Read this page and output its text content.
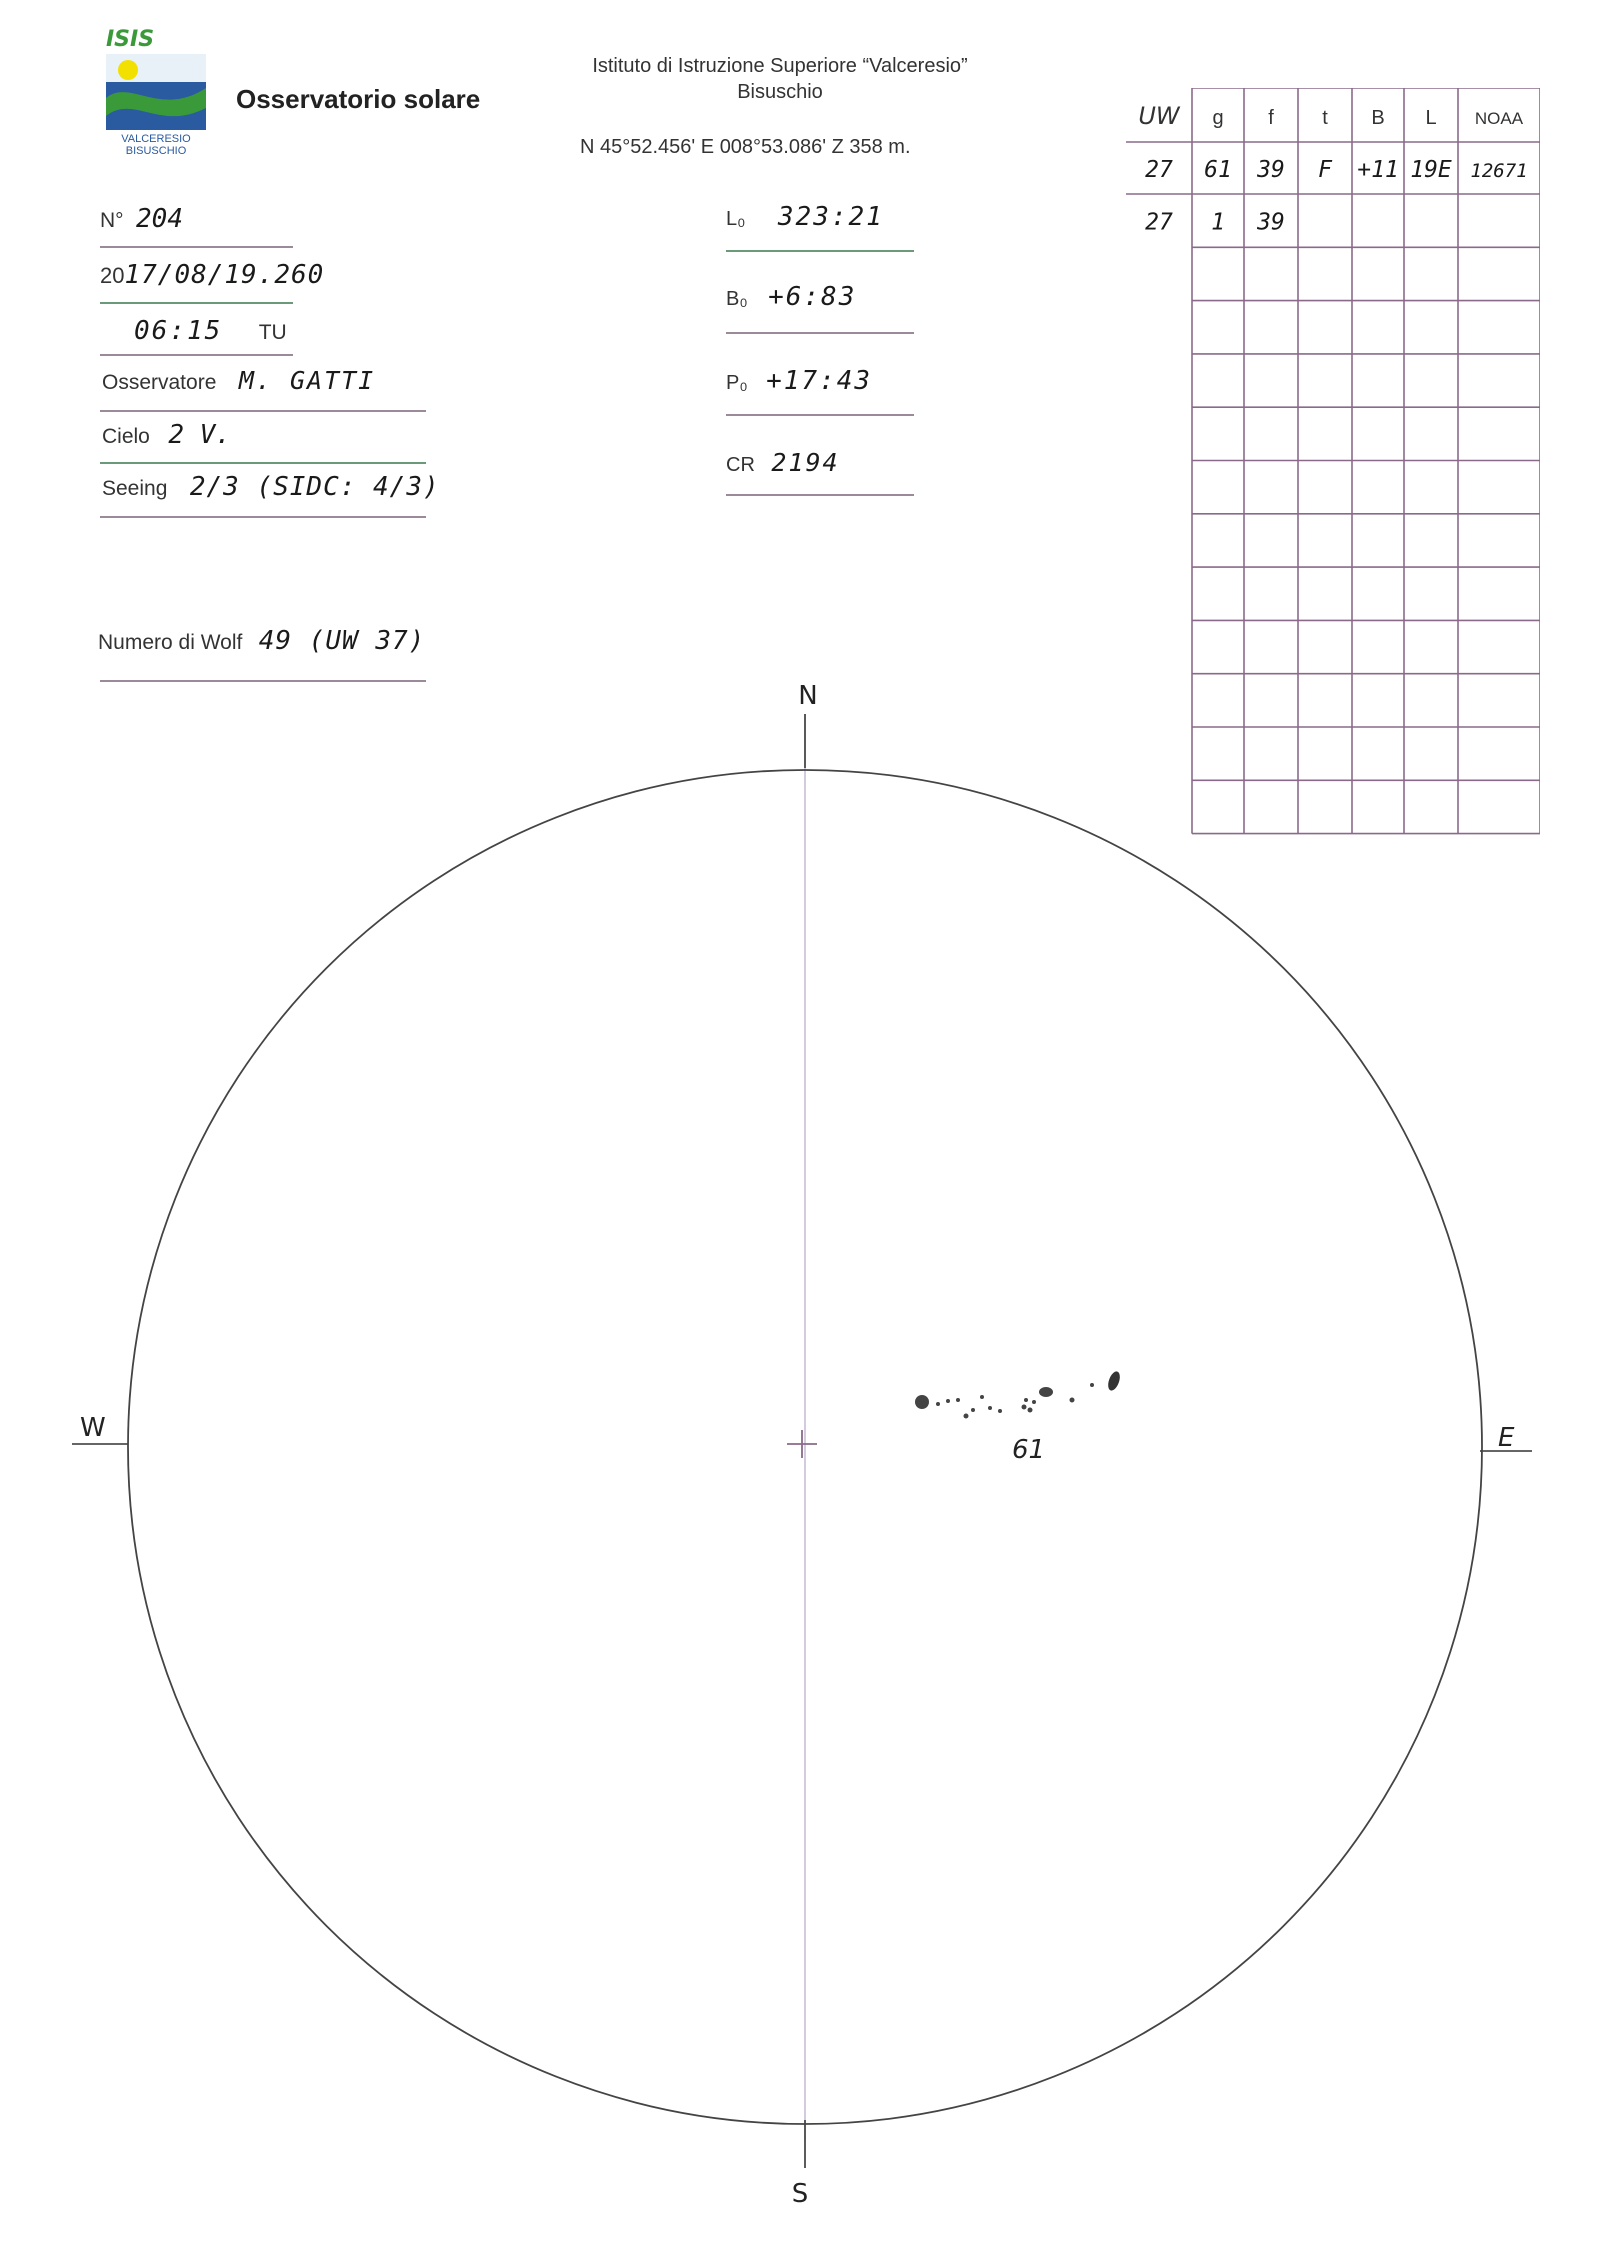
ISIS
VALCERESIO
BISUSCHIO
Osservatorio solare
Istituto di Istruzione Superiore “Valceresio”
Bisuschio
N 45°52.456' E 008°53.086' Z 358 m.
N° 204
2017/08/19.260
06:15 TU
Osservatore M. GATTI
Cielo 2 V.
Seeing 2/3 (SIDC: 4/3)
Numero di Wolf 49 (UW 37)
L₀ 323:21
B₀ +6:83
P₀ +17:43
CR 2194
UW g f t B L NOAA
27 61 39 F +11 19E 12671
27 1 39
N
S
W	E
61
